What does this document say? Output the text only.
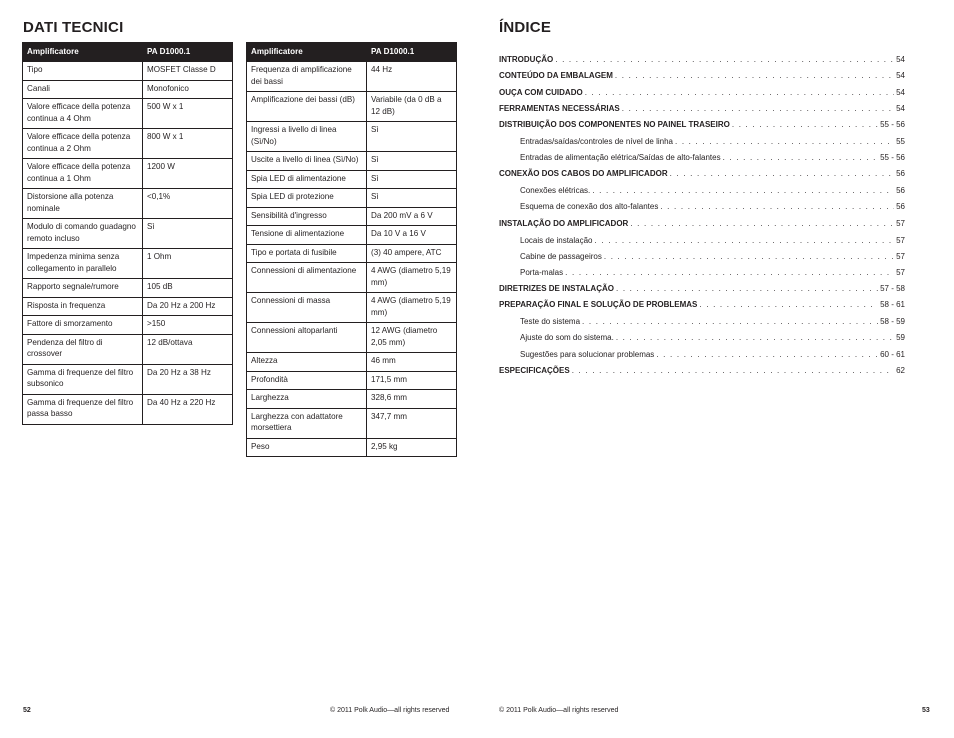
DATI TECNICI
Amplificatore	PA D1000.1
Tipo	MOSFET Classe D
Canali	Monofonico
Valore efficace della potenza continua a 4 Ohm	500 W x 1
Valore efficace della potenza continua a 2 Ohm	800 W x 1
Valore efficace della potenza continua a 1 Ohm	1200 W
Distorsione alla potenza nominale	<0,1%
Modulo di comando guadagno remoto incluso	Sì
Impedenza minima senza collegamento in parallelo	1 Ohm
Rapporto segnale/rumore	105 dB
Risposta in frequenza	Da 20 Hz a 200 Hz
Fattore di smorzamento	>150
Pendenza del filtro di crossover	12 dB/ottava
Gamma di frequenze del filtro subsonico	Da 20 Hz a 38 Hz
Gamma di frequenze del filtro passa basso	Da 40 Hz a 220 Hz
Amplificatore	PA D1000.1
Frequenza di amplificazione dei bassi	44 Hz
Amplificazione dei bassi (dB)	Variabile (da 0 dB a 12 dB)
Ingressi a livello di linea (Sì/No)	Sì
Uscite a livello di linea (Sì/No)	Sì
Spia LED di alimentazione	Sì
Spia LED di protezione	Sì
Sensibilità d'ingresso	Da 200 mV a 6 V
Tensione di alimentazione	Da 10 V a 16 V
Tipo e portata di fusibile	(3) 40 ampere, ATC
Connessioni di alimentazione	4 AWG (diametro 5,19 mm)
Connessioni di massa	4 AWG (diametro 5,19 mm)
Connessioni altoparlanti	12 AWG (diametro 2,05 mm)
Altezza	46 mm
Profondità	171,5 mm
Larghezza	328,6 mm
Larghezza con adattatore morsettiera	347,7 mm
Peso	2,95 kg
52	© 2011 Polk Audio—all rights reserved
ÍNDICE
INTRODUÇÃO . . .	54
CONTEÚDO DA EMBALAGEM . . .	54
OUÇA COM CUIDADO . . .	54
FERRAMENTAS NECESSÁRIAS . . .	54
DISTRIBUIÇÃO DOS COMPONENTES NO PAINEL TRASEIRO . . .	55 - 56
Entradas/saídas/controles de nível de linha . . .	55
Entradas de alimentação elétrica/Saídas de alto-falantes . . .	55 - 56
CONEXÃO DOS CABOS DO AMPLIFICADOR . . .	56
Conexões elétricas. . . .	56
Esquema de conexão dos alto-falantes . . .	56
INSTALAÇÃO DO AMPLIFICADOR . . .	57
Locais de instalação . . .	57
Cabine de passageiros . . .	57
Porta-malas . . .	57
DIRETRIZES DE INSTALAÇÃO . . .	57 - 58
PREPARAÇÃO FINAL E SOLUÇÃO DE PROBLEMAS . . .	58 - 61
Teste do sistema . . .	58 - 59
Ajuste do som do sistema. . . .	59
Sugestões para solucionar problemas . . .	60 - 61
ESPECIFICAÇÕES . . .	62
© 2011 Polk Audio—all rights reserved	53
